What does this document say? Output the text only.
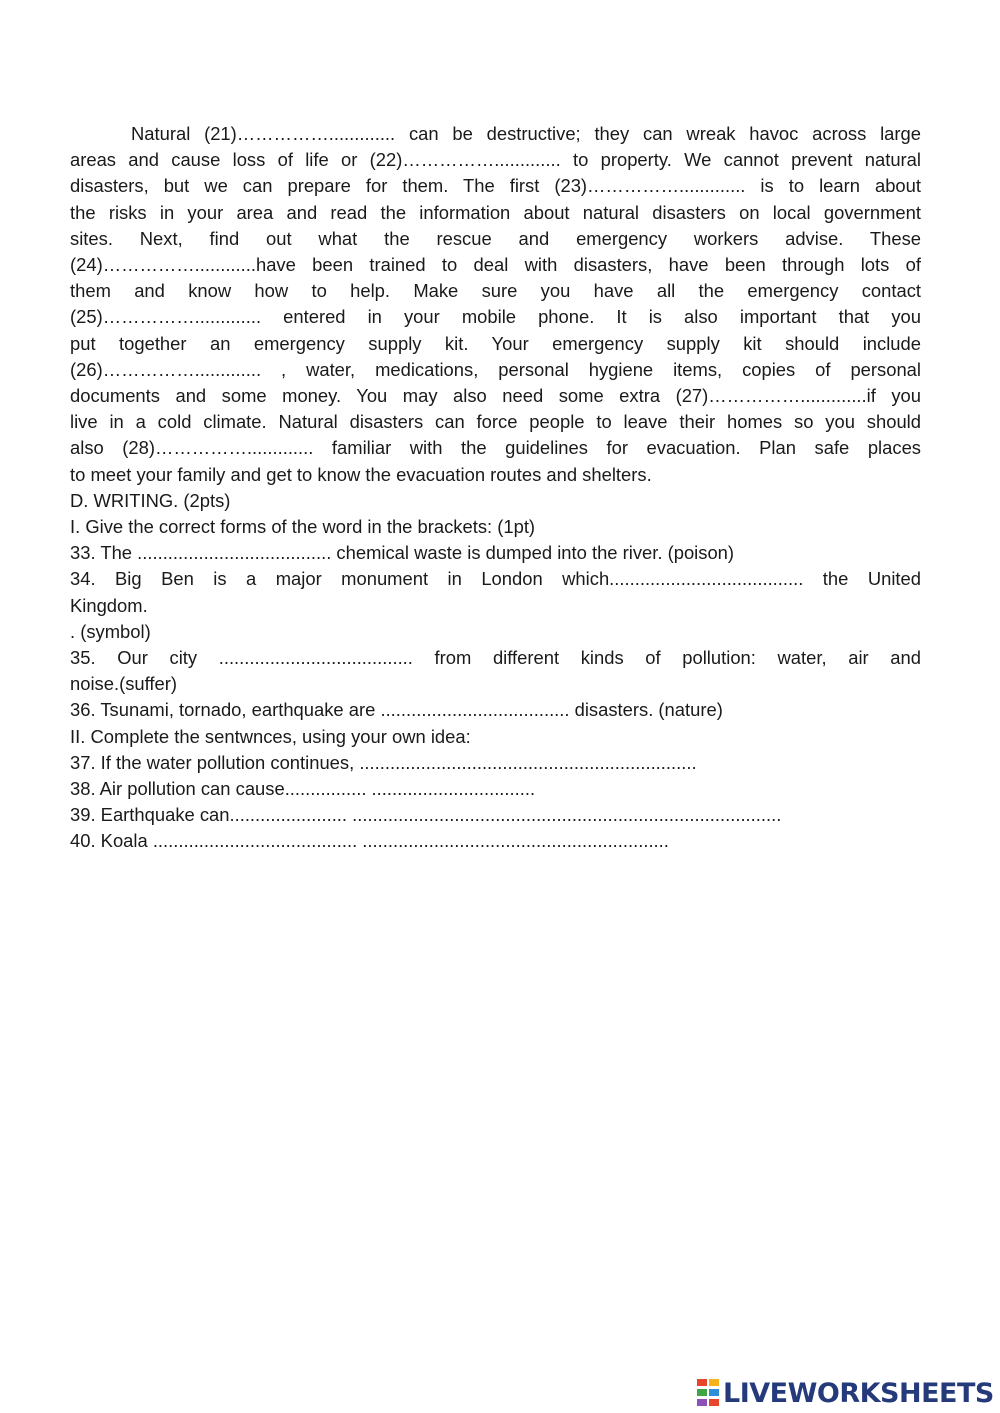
Natural (21)……………............. can be destructive; they can wreak havoc across large
areas and cause loss of life or (22)……………............. to property. We cannot prevent natural
disasters, but we can prepare for them. The first (23)……………............. is to learn about
the risks in your area and read the information about natural disasters on local government
sites. Next, find out what the rescue and emergency workers advise. These
(24)……………............have been trained to deal with disasters, have been through lots of
them and know how to help. Make sure you have all the emergency contact
(25)……………............. entered in your mobile phone. It is also important that you
put together an emergency supply kit. Your emergency supply kit should include
(26)……………............. , water, medications, personal hygiene items, copies of personal
documents and some money. You may also need some extra (27)…………….............if you
live in a cold climate. Natural disasters can force people to leave their homes so you should
also (28)……………............. familiar with the guidelines for evacuation. Plan safe places
to meet your family and get to know the evacuation routes and shelters.
D. WRITING. (2pts)
I. Give the correct forms of the word in the brackets: (1pt)
33. The ...................................... chemical waste is dumped into the river. (poison)
34. Big Ben is a major monument in London which...................................... the United
Kingdom.
. (symbol)
35. Our city ...................................... from different kinds of pollution: water, air and
noise.(suffer)
36. Tsunami, tornado, earthquake are ..................................... disasters. (nature)
II. Complete the sentwnces, using your own idea:
37. If the water pollution continues, ..................................................................
38. Air pollution can cause................ ................................
39. Earthquake can....................... ....................................................................................
40. Koala ........................................ ............................................................
LIVEWORKSHEETS
